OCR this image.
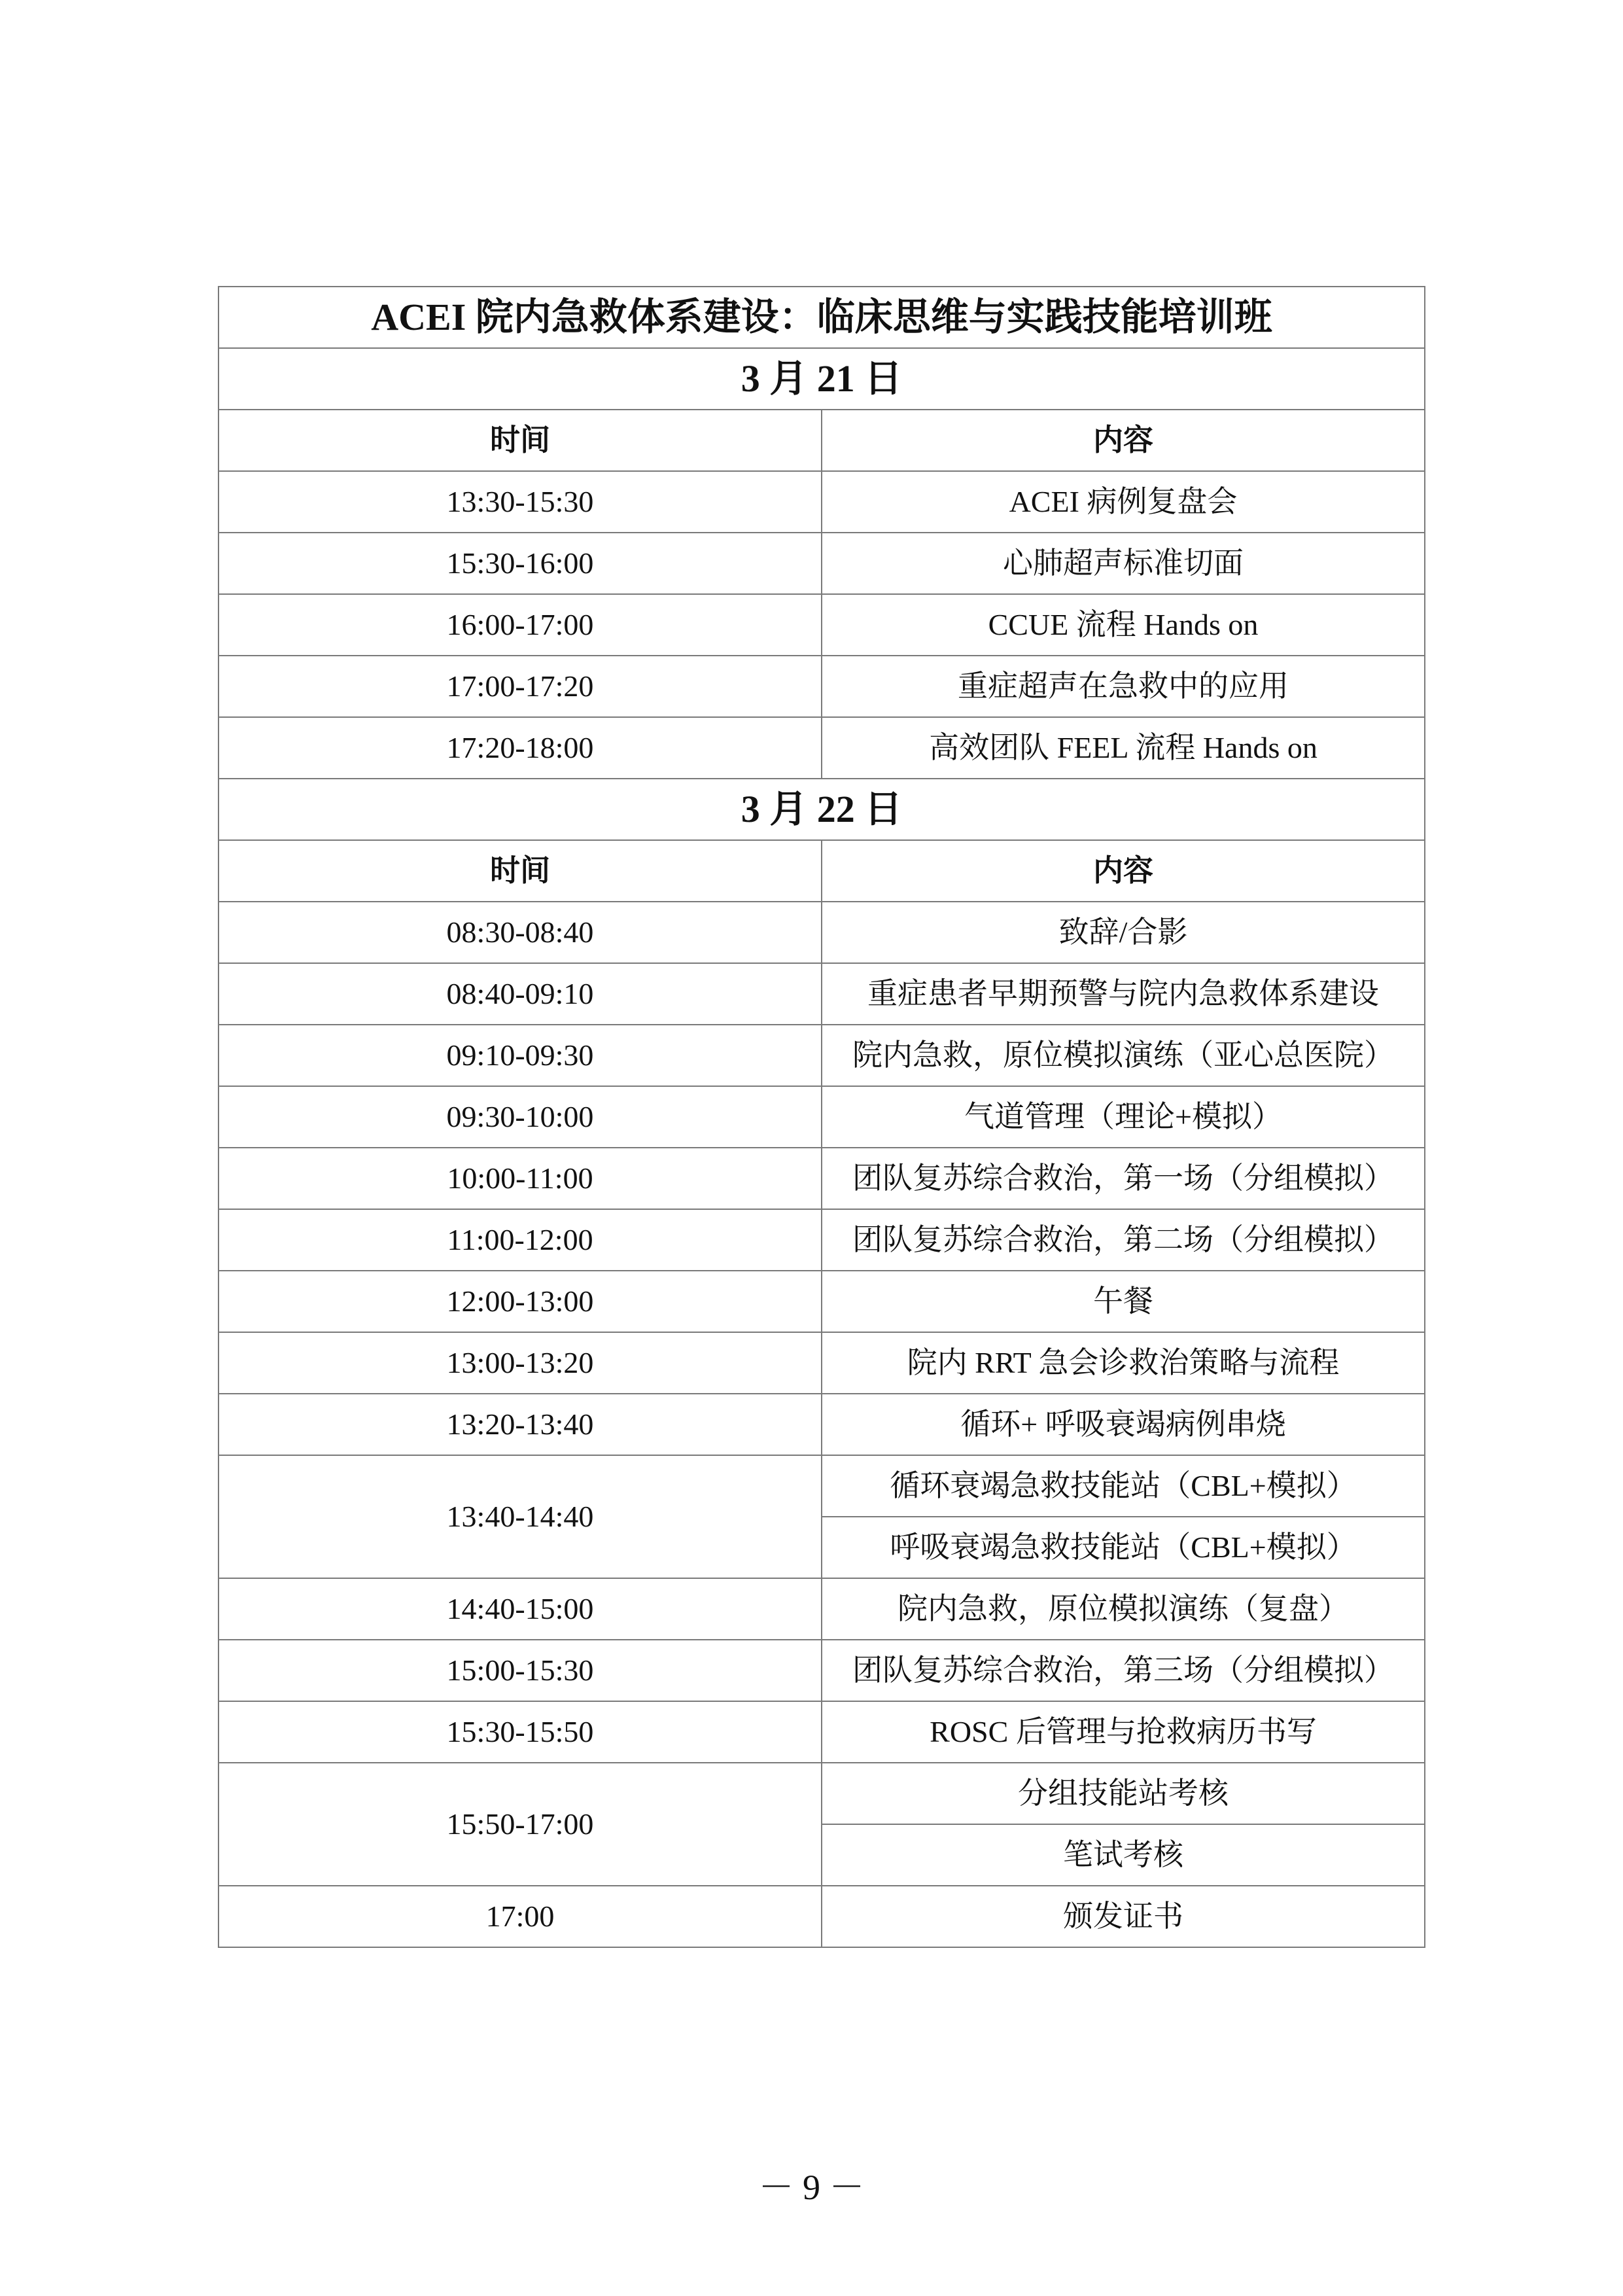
ACEI 院内急救体系建设：临床思维与实践技能培训班	
3 月 21 日	
时间	内容
13:30-15:30	ACEI 病例复盘会
15:30-16:00	心肺超声标准切面
16:00-17:00	CCUE 流程 Hands on
17:00-17:20	重症超声在急救中的应用
17:20-18:00	高效团队 FEEL 流程 Hands on
3 月 22 日	
时间	内容
08:30-08:40	致辞/合影
08:40-09:10	重症患者早期预警与院内急救体系建设
09:10-09:30	院内急救，原位模拟演练（亚心总医院）
09:30-10:00	气道管理（理论+模拟）
10:00-11:00	团队复苏综合救治，第一场（分组模拟）
11:00-12:00	团队复苏综合救治，第二场（分组模拟）
12:00-13:00	午餐
13:00-13:20	院内 RRT 急会诊救治策略与流程
13:20-13:40	循环+ 呼吸衰竭病例串烧
13:40-14:40	循环衰竭急救技能站（CBL+模拟）
	呼吸衰竭急救技能站（CBL+模拟）
14:40-15:00	院内急救，原位模拟演练（复盘）
15:00-15:30	团队复苏综合救治，第三场（分组模拟）
15:30-15:50	ROSC 后管理与抢救病历书写
15:50-17:00	分组技能站考核
	笔试考核
17:00	颁发证书
－ 9 －
